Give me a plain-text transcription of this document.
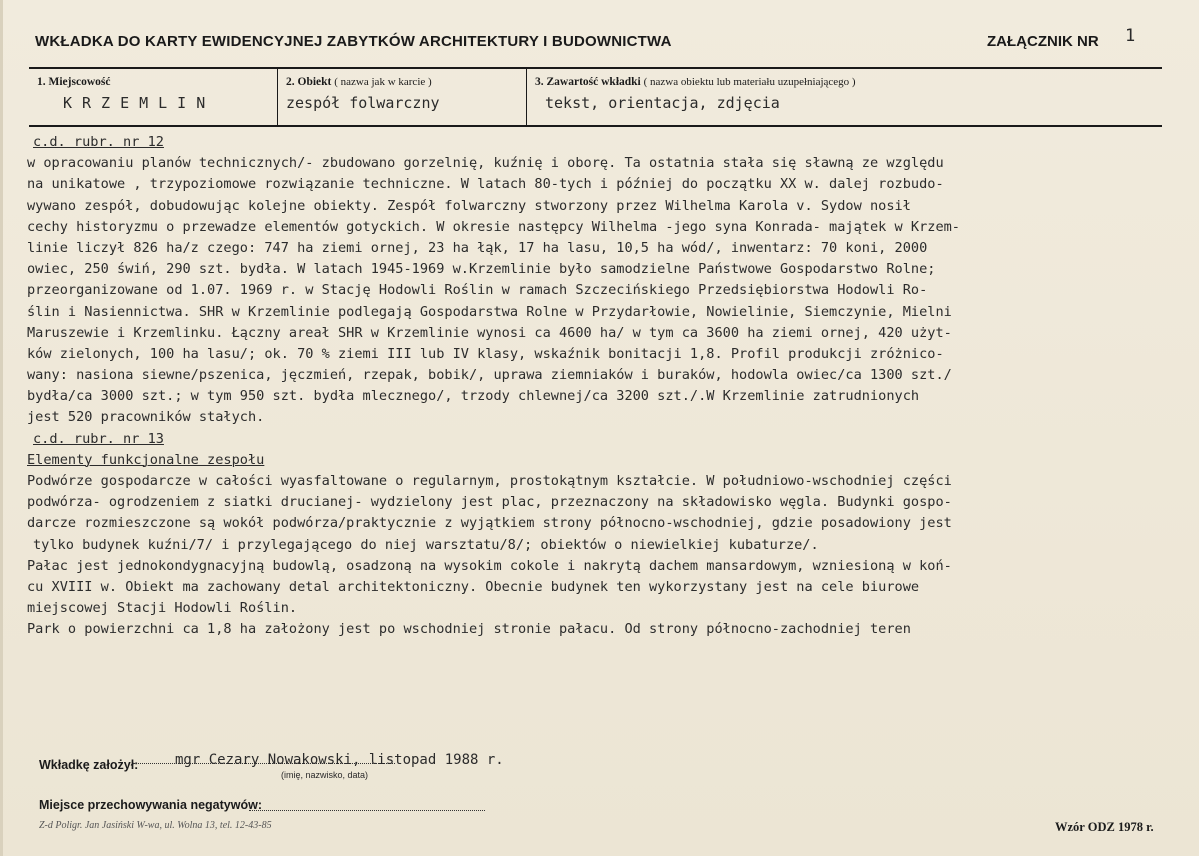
WKŁADKA DO KARTY EWIDENCYJNEJ ZABYTKÓW ARCHITEKTURY I BUDOWNICTWA	ZAŁĄCZNIK NR 1
1. Miejscowość
KRZEMLIN
2. Obiekt ( nazwa jak w karcie )
zespół folwarczny
3. Zawartość wkładki ( nazwa obiektu lub materiału uzupełniającego )
tekst, orientacja, zdjęcia
c.d. rubr. nr 12
w opracowaniu planów technicznych/- zbudowano gorzelnię, kuźnię i oborę. Ta ostatnia stała się sławną ze względu
na unikatowe , trzypoziomowe rozwiązanie techniczne. W latach 80-tych i później do początku XX w. dalej rozbudo-
wywano zespół, dobudowując kolejne obiekty. Zespół folwarczny stworzony przez Wilhelma Karola v. Sydow nosił
cechy historyzmu o przewadze elementów gotyckich. W okresie następcy Wilhelma -jego syna Konrada- majątek w Krzem-
linie liczył 826 ha/z czego: 747 ha ziemi ornej, 23 ha łąk, 17 ha lasu, 10,5 ha wód/, inwentarz: 70 koni, 2000
owiec, 250 świń, 290 szt. bydła. W latach 1945-1969 w.Krzemlinie było samodzielne Państwowe Gospodarstwo Rolne;
przeorganizowane od 1.07. 1969 r. w Stację Hodowli Roślin w ramach Szczecińskiego Przedsiębiorstwa Hodowli Ro-
ślin i Nasiennictwa. SHR w Krzemlinie podlegają Gospodarstwa Rolne w Przydarłowie, Nowielinie, Siemczynie, Mielni
Maruszewie i Krzemlinku. Łączny areał SHR w Krzemlinie wynosi ca 4600 ha/ w tym ca 3600 ha ziemi ornej, 420 użyt-
ków zielonych, 100 ha lasu/; ok. 70 % ziemi III lub IV klasy, wskaźnik bonitacji 1,8. Profil produkcji zróżnico-
wany: nasiona siewne/pszenica, jęczmień, rzepak, bobik/, uprawa ziemniaków i buraków, hodowla owiec/ca 1300 szt./
bydła/ca 3000 szt.; w tym 950 szt. bydła mlecznego/, trzody chlewnej/ca 3200 szt./.W Krzemlinie zatrudnionych
jest 520 pracowników stałych.
c.d. rubr. nr 13
Elementy funkcjonalne zespołu
Podwórze gospodarcze w całości wyasfaltowane o regularnym, prostokątnym kształcie. W południowo-wschodniej części
podwórza- ogrodzeniem z siatki drucianej- wydzielony jest plac, przeznaczony na składowisko węgla. Budynki gospo-
darcze rozmieszczone są wokół podwórza/praktycznie z wyjątkiem strony północno-wschodniej, gdzie posadowiony jest
tylko budynek kuźni/7/ i przylegającego do niej warsztatu/8/; obiektów o niewielkiej kubaturze/.
Pałac jest jednokondygnacyjną budowlą, osadzoną na wysokim cokole i nakrytą dachem mansardowym, wzniesioną w koń-
cu XVIII w. Obiekt ma zachowany detal architektoniczny. Obecnie budynek ten wykorzystany jest na cele biurowe
miejscowej Stacji Hodowli Roślin.
Park o powierzchni ca 1,8 ha założony jest po wschodniej stronie pałacu. Od strony północno-zachodniej teren
Wkładkę założył:	mgr Cezary Nowakowski, listopad 1988 r.
(imię, nazwisko, data)
Miejsce przechowywania negatywów:
Z-d Poligr. Jan Jasiński W-wa, ul. Wolna 13, tel. 12-43-85	Wzór ODZ 1978 r.
